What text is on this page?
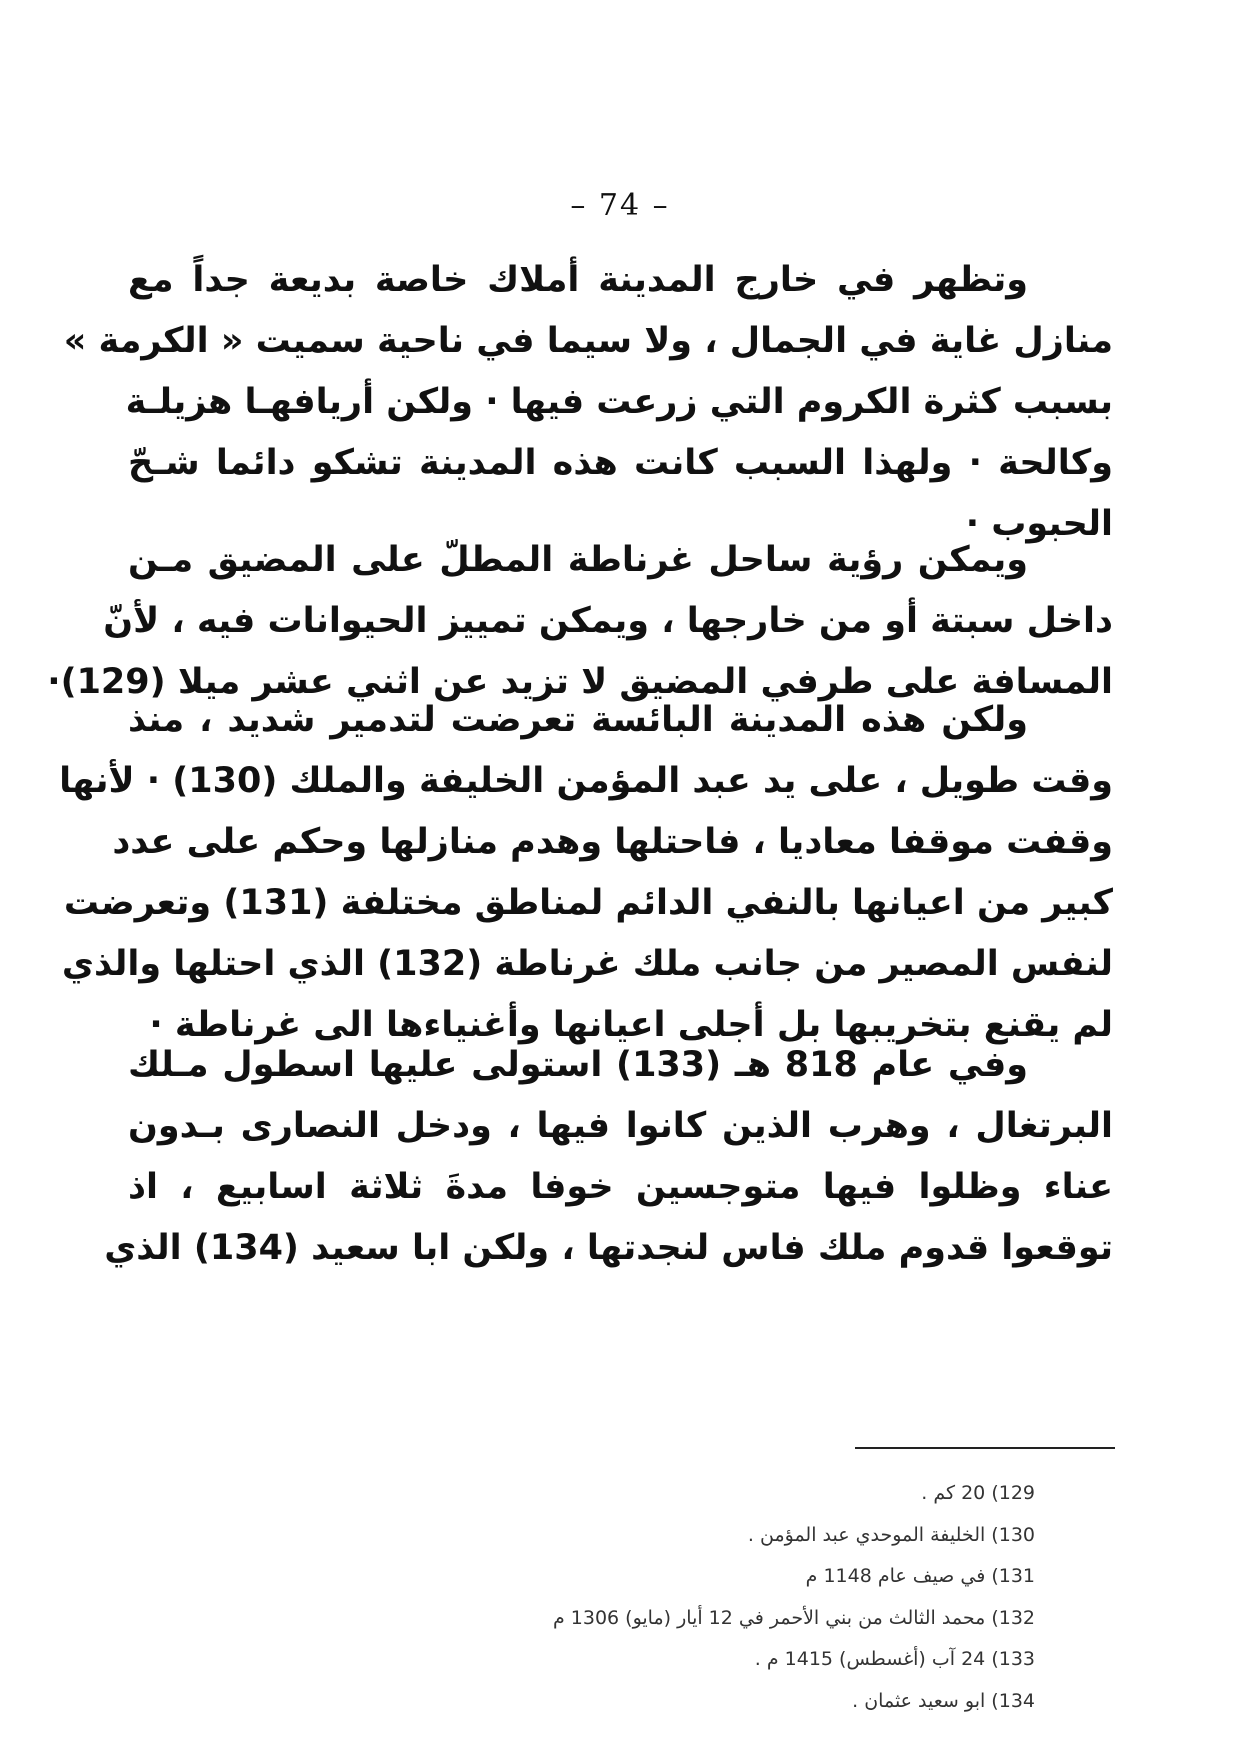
– 74 –
وتظهر في خارج المدينة أملاك خاصة بديعة جداً مع
منازل غاية في الجمال ، ولا سيما في ناحية سميت « الكرمة »
بسبب كثرة الكروم التي زرعت فيها · ولكن أريافهـا هزيلـة
وكالحة · ولهذا السبب كانت هذه المدينة تشكو دائما شـحّ
الحبوب ·
ويمكن رؤية ساحل غرناطة المطلّ على المضيق مـن
داخل سبتة أو من خارجها ، ويمكن تمييز الحيوانات فيه ، لأنّ
المسافة على طرفي المضيق لا تزيد عن اثني عشر ميلا (129)·
ولكن هذه المدينة البائسة تعرضت لتدمير شديد ، منذ
وقت طويل ، على يد عبد المؤمن الخليفة والملك (130) · لأنها
وقفت موقفا معاديا ، فاحتلها وهدم منازلها وحكم على عدد
كبير من اعيانها بالنفي الدائم لمناطق مختلفة (131) وتعرضت
لنفس المصير من جانب ملك غرناطة (132) الذي احتلها والذي
لم يقنع بتخريبها بل أجلى اعيانها وأغنياءها الى غرناطة ·
وفي عام 818 هـ (133) استولى عليها اسطول مـلك
البرتغال ، وهرب الذين كانوا فيها ، ودخل النصارى بـدون
عناء وظلوا فيها متوجسين خوفا مدةَ ثلاثة اسابيع ، اذ
توقعوا قدوم ملك فاس لنجدتها ، ولكن ابا سعيد (134) الذي
129) 20 كم .
130) الخليفة الموحدي عبد المؤمن .
131) في صيف عام 1148 م
132) محمد الثالث من بني الأحمر في 12 أيار (مايو) 1306 م
133) 24 آب (أغسطس) 1415 م .
134) ابو سعيد عثمان .
